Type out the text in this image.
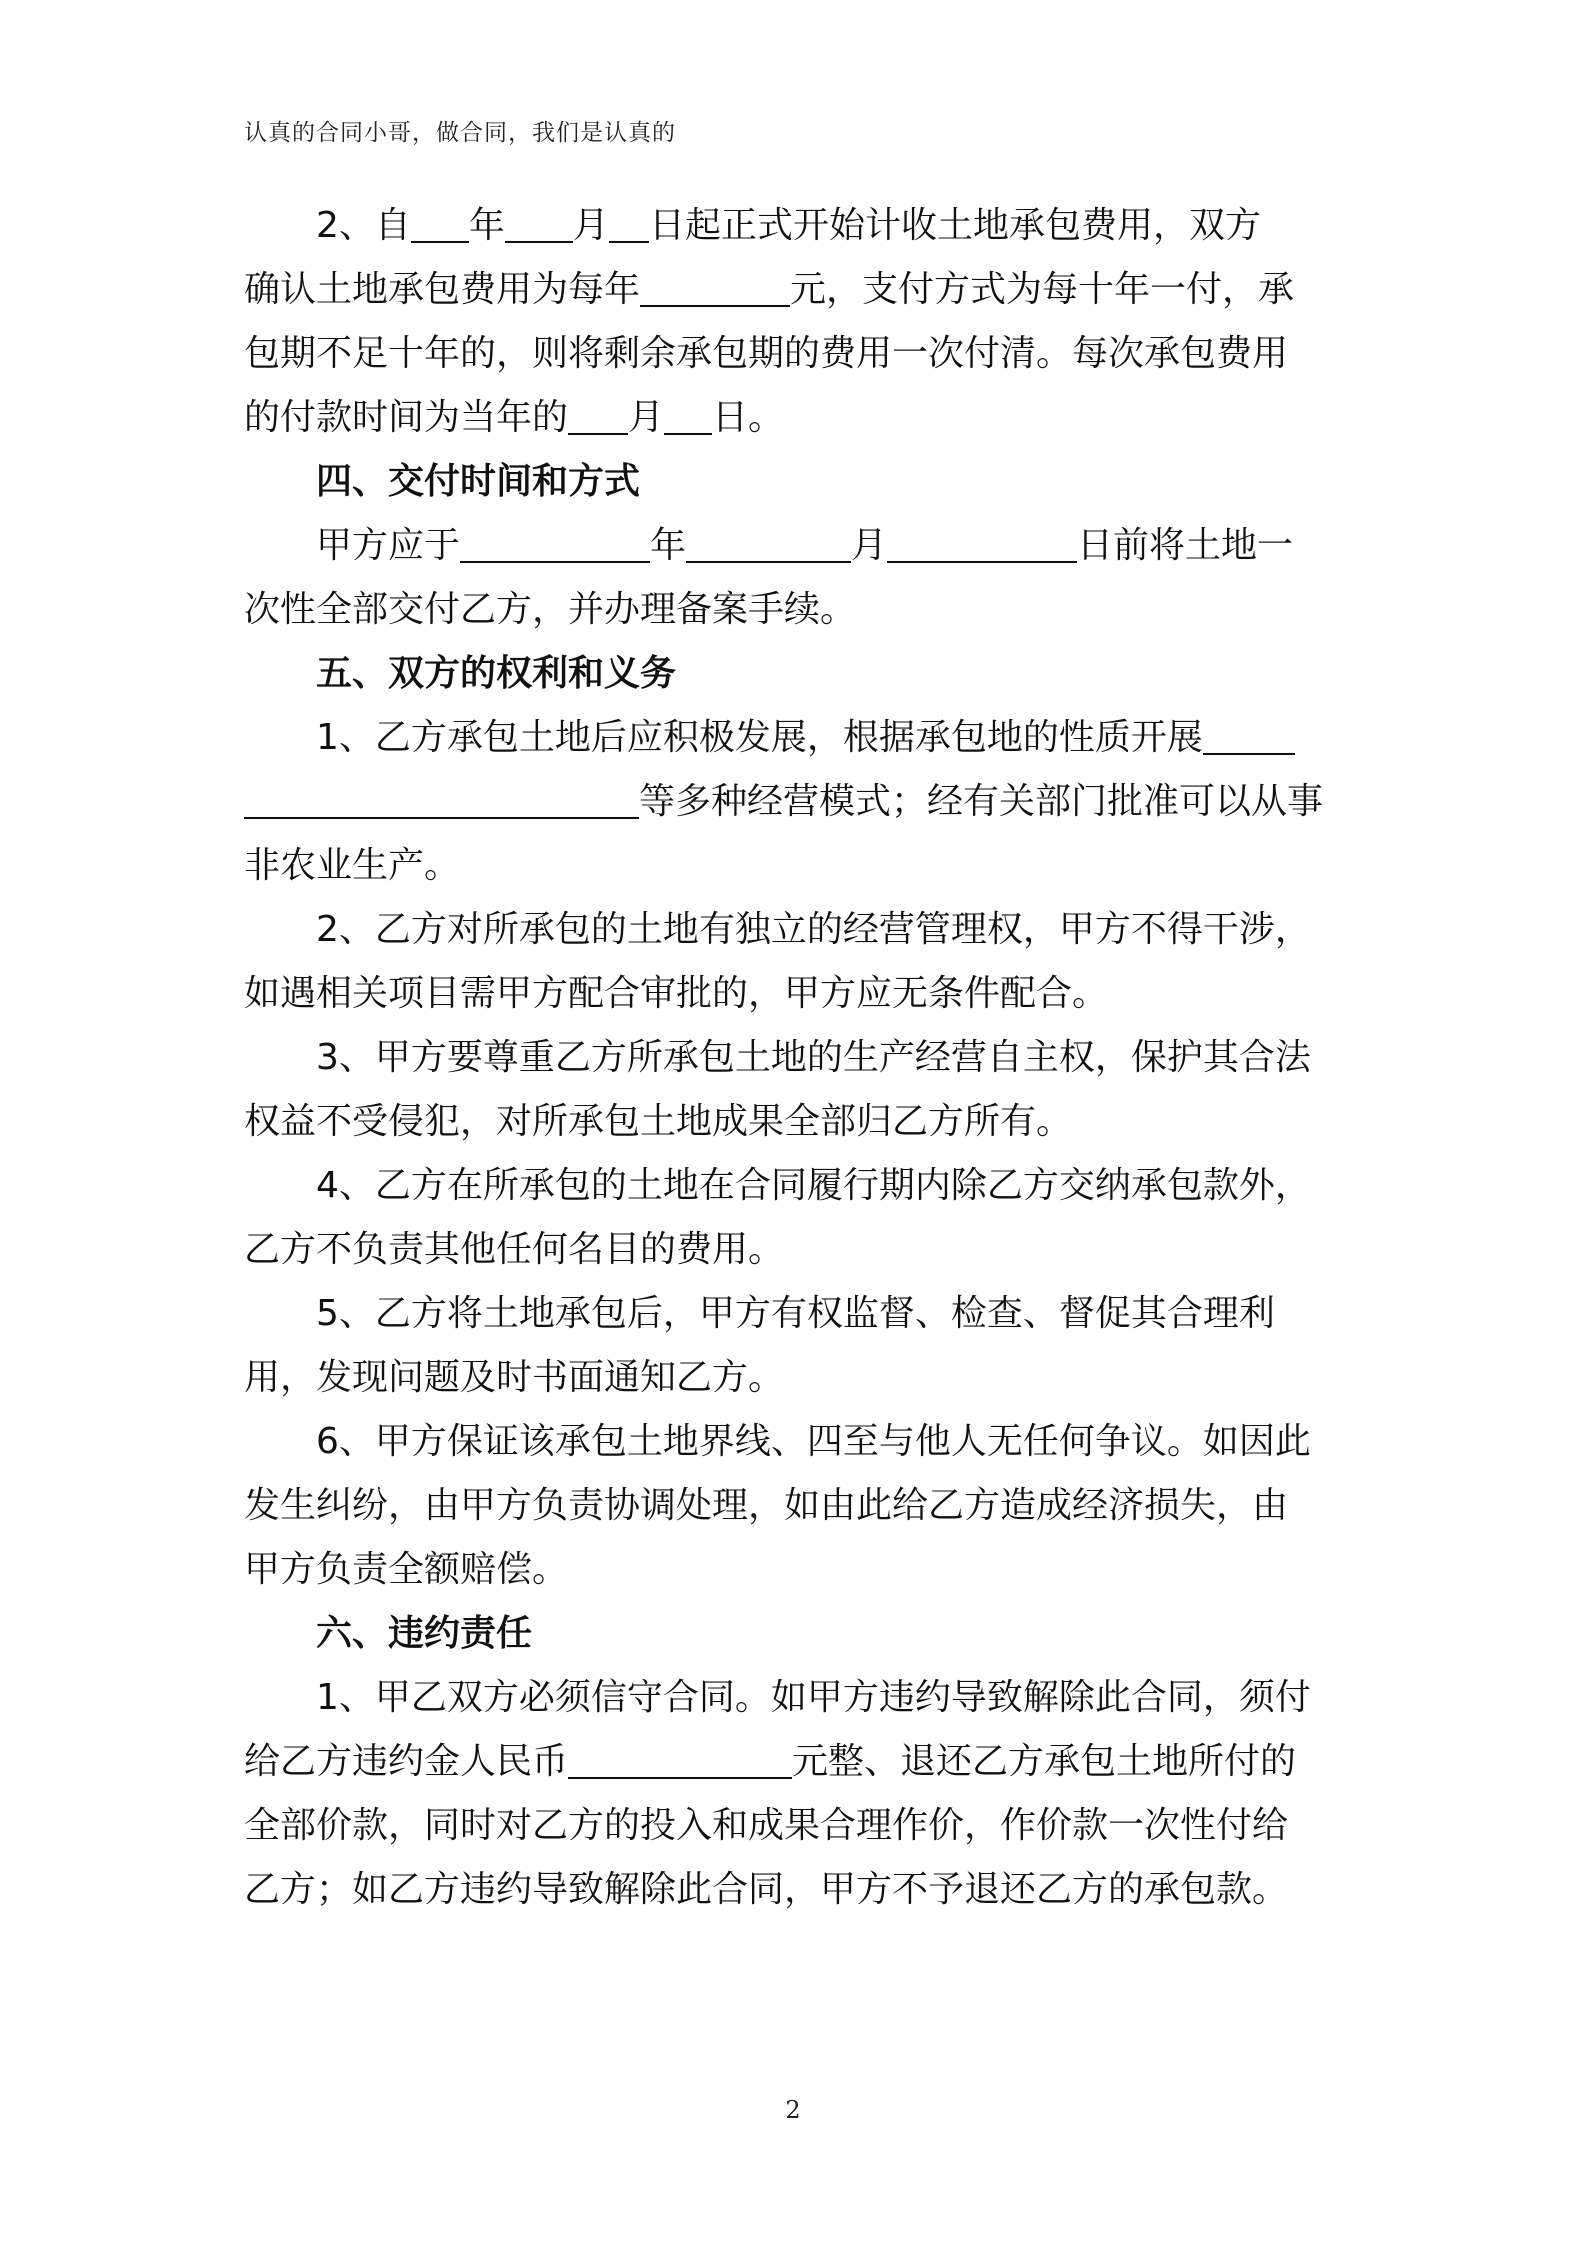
认真的合同小哥，做合同，我们是认真的
2、自 年 月 日起正式开始计收土地承包费用，双方
确认土地承包费用为每年	元，支付方式为每十年一付，承
包期不足十年的，则将剩余承包期的费用一次付清。每次承包费用
的付款时间为当年的 月 日。
四、交付时间和方式
甲方应于	年	月	日前将土地一
次性全部交付乙方，并办理备案手续。
五、双方的权利和义务
1、乙方承包土地后应积极发展，根据承包地的性质开展
等多种经营模式；经有关部门批准可以从事
非农业生产。
2、乙方对所承包的土地有独立的经营管理权，甲方不得干涉，
如遇相关项目需甲方配合审批的，甲方应无条件配合。
3、甲方要尊重乙方所承包土地的生产经营自主权，保护其合法
权益不受侵犯，对所承包土地成果全部归乙方所有。
4、乙方在所承包的土地在合同履行期内除乙方交纳承包款外，
乙方不负责其他任何名目的费用。
5、乙方将土地承包后，甲方有权监督、检查、督促其合理利
用，发现问题及时书面通知乙方。
6、甲方保证该承包土地界线、四至与他人无任何争议。如因此
发生纠纷，由甲方负责协调处理，如由此给乙方造成经济损失，由
甲方负责全额赔偿。
六、违约责任
1、甲乙双方必须信守合同。如甲方违约导致解除此合同，须付
给乙方违约金人民币	元整、退还乙方承包土地所付的
全部价款，同时对乙方的投入和成果合理作价，作价款一次性付给
乙方；如乙方违约导致解除此合同，甲方不予退还乙方的承包款。
2
